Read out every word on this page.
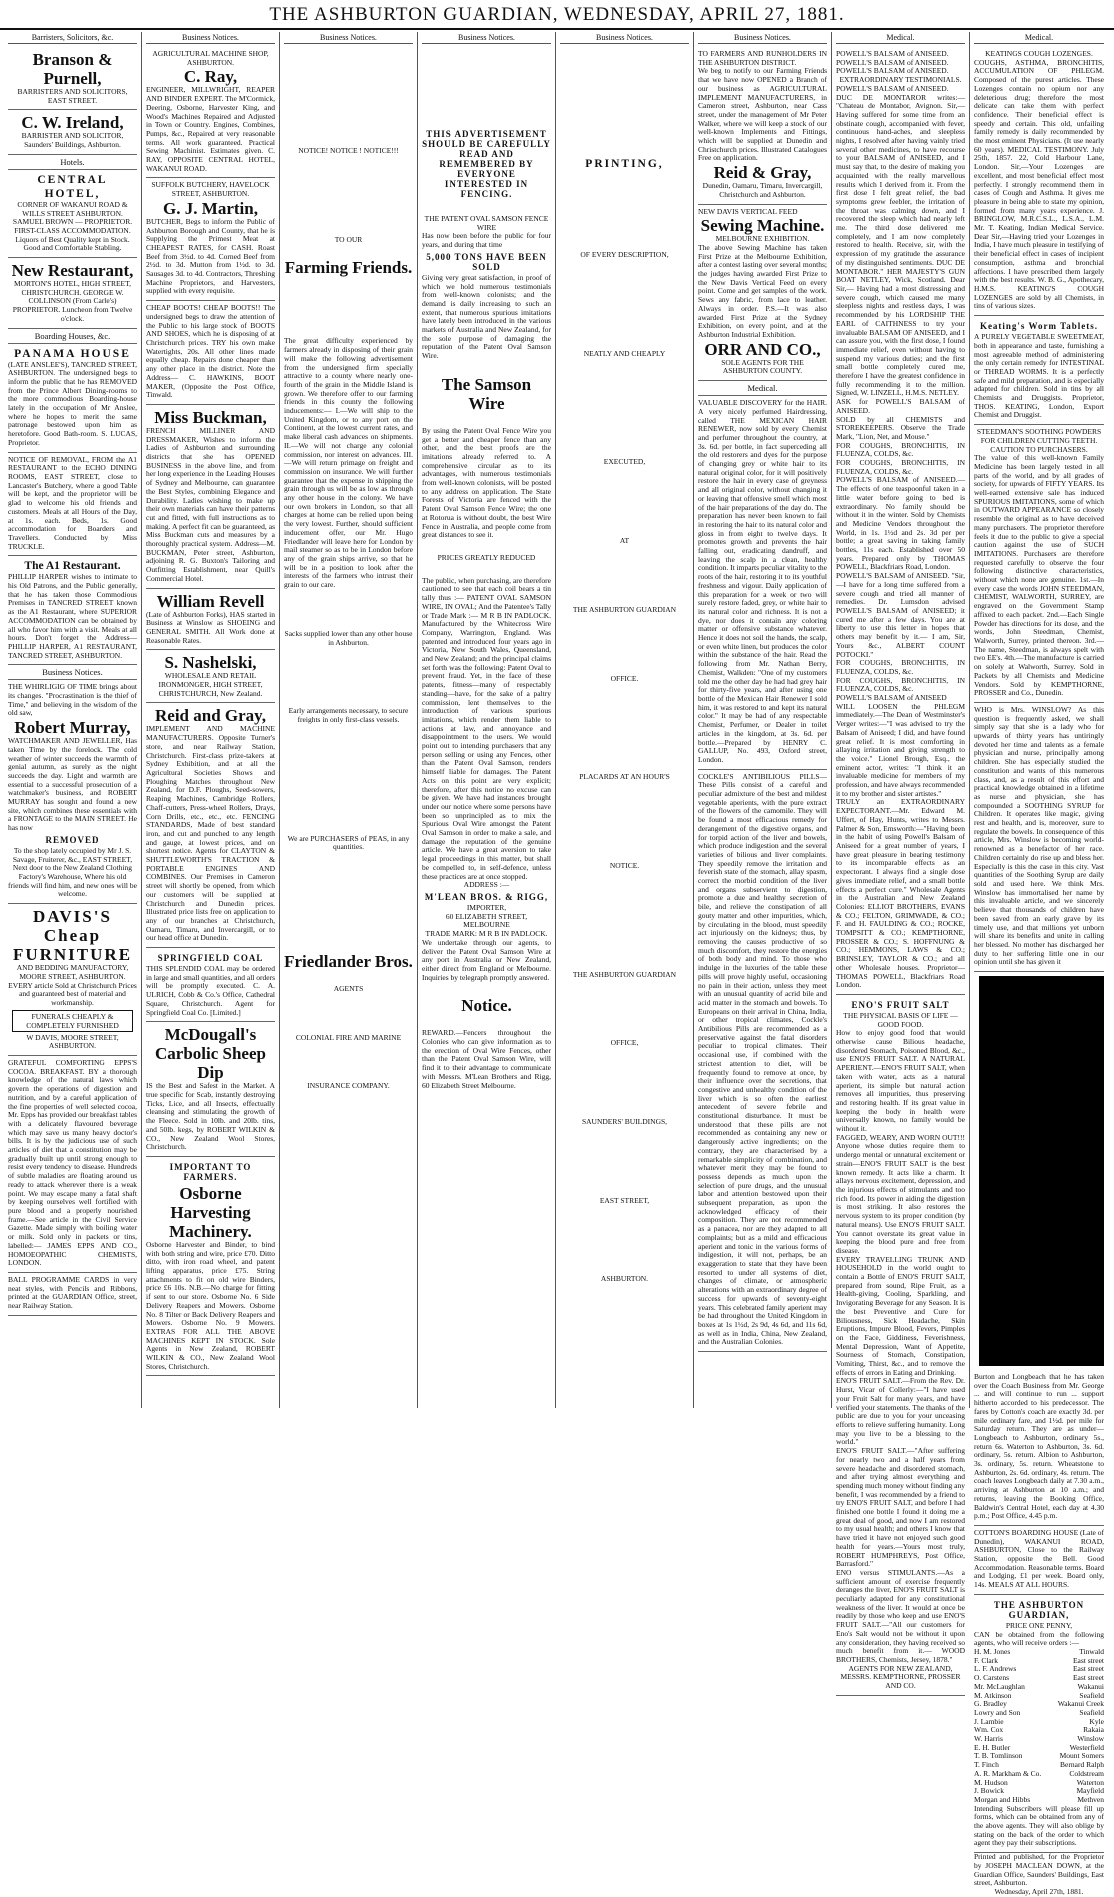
THE ASHBURTON GUARDIAN, WEDNESDAY, APRIL 27, 1881.
Barristers, Solicitors, &c.
Branson & Purnell,
BARRISTERS AND SOLICITORS, EAST STREET.
C. W. Ireland,
BARRISTER AND SOLICITOR, Saunders' Buildings, Ashburton.
Hotels.
CENTRAL HOTEL,
CORNER OF WAKANUI ROAD & WILLS STREET ASHBURTON. SAMUEL BROWN — PROPRIETOR. FIRST-CLASS ACCOMMODATION. Liquors of Best Quality kept in Stock. Good and Comfortable Stabling.
New Restaurant,
MORTON'S HOTEL, HIGH STREET, CHRISTCHURCH. GEORGE W. COLLINSON (From Carle's) PROPRIETOR. Luncheon from Twelve o'clock.
Boarding Houses, &c.
PANAMA HOUSE
(LATE ANSLEE'S), TANCRED STREET, ASHBURTON. The undersigned begs to inform the public that he has REMOVED from the Prince Albert Dining-rooms to the more commodious Boarding-house lately in the occupation of Mr Anslee, where he hopes to merit the same patronage bestowed upon him as heretofore. Good Bath-room. S. LUCAS, Proprietor.
NOTICE OF REMOVAL, FROM the A1 RESTAURANT to the ECHO DINING ROOMS, EAST STREET, close to Lancaster's Butchery, where a good Table will be kept, and the proprietor will be glad to welcome his old friends and customers. Meals at all Hours of the Day, at 1s. each. Beds, 1s. Good accommodation for Boarders and Travellers. Conducted by Miss TRUCKLE.
The A1 Restaurant.
PHILLIP HARPER wishes to intimate to his Old Patrons, and the Public generally, that he has taken those Commodious Premises in TANCRED STREET known as the A1 Restaurant, where SUPERIOR ACCOMMODATION can be obtained by all who favor him with a visit. Meals at all hours. Don't forget the Address— PHILLIP HARPER, A1 RESTAURANT, TANCRED STREET, ASHBURTON.
Business Notices.
THE WHIRLIGIG OF TIME brings about its changes. "Procrastination is the thief of Time," and believing in the wisdom of the old saw,
Robert Murray,
WATCHMAKER AND JEWELLER, Has taken Time by the forelock. The cold weather of winter succeeds the warmth of genial autumn, as surely as the night succeeds the day. Light and warmth are essential to a successful prosecution of a watchmaker's business, and ROBERT MURRAY has sought and found a new site, which combines these essentials with a FRONTAGE to the MAIN STREET. He has now
REMOVED
To the shop lately occupied by Mr J. S. Savage, Fruiterer, &c., EAST STREET, Next door to the New Zealand Clothing Factory's Warehouse, Where his old friends will find him, and new ones will be welcome.
DAVIS'S Cheap FURNITURE
AND BEDDING MANUFACTORY, MOORE STREET, ASHBURTON. EVERY article Sold at Christchurch Prices and guaranteed best of material and workmanship.
FUNERALS CHEAPLY & COMPLETELY FURNISHED
W DAVIS, MOORE STREET, ASHBURTON.
GRATEFUL COMFORTING EPPS'S COCOA. BREAKFAST. BY a thorough knowledge of the natural laws which govern the operations of digestion and nutrition, and by a careful application of the fine properties of well selected cocoa, Mr. Epps has provided our breakfast tables with a delicately flavoured beverage which may save us many heavy doctor's bills. It is by the judicious use of such articles of diet that a constitution may be gradually built up until strong enough to resist every tendency to disease. Hundreds of subtle maladies are floating around us ready to attack wherever there is a weak point. We may escape many a fatal shaft by keeping ourselves well fortified with pure blood and a properly nourished frame.—See article in the Civil Service Gazette. Made simply with boiling water or milk. Sold only in packets or tins, labelled:— JAMES EPPS AND CO., HOMOEOPATHIC CHEMISTS, LONDON.
BALL PROGRAMME CARDS in very neat styles, with Pencils and Ribbons, printed at the GUARDIAN Office, street, near Railway Station.
Business Notices.
AGRICULTURAL MACHINE SHOP, ASHBURTON.
C. Ray,
ENGINEER, MILLWRIGHT, REAPER AND BINDER EXPERT. The M'Cormick, Deering, Osborne, Harvester King, and Wood's Machines Repaired and Adjusted in Town or Country. Engines, Combines, Pumps, &c., Repaired at very reasonable terms. All work guaranteed. Practical Sewing Machinist. Estimates given. C. RAY, OPPOSITE CENTRAL HOTEL, WAKANUI ROAD.
SUFFOLK BUTCHERY, HAVELOCK STREET, ASHBURTON.
G. J. Martin,
BUTCHER, Begs to inform the Public of Ashburton Borough and County, that he is Supplying the Primest Meat at CHEAPEST RATES, for CASH. Roast Beef from 3½d. to 4d. Corned Beef from 2½d. to 3d. Mutton from 1½d. to 3d. Sausages 3d. to 4d. Contractors, Threshing Machine Proprietors, and Harvesters, supplied with every requisite.
CHEAP BOOTS! CHEAP BOOTS!! The undersigned begs to draw the attention of the Public to his large stock of BOOTS AND SHOES, which he is disposing of at Christchurch prices. TRY his own make Watertights, 20s. All other lines made equally cheap. Repairs done cheaper than any other place in the district. Note the Address— C. HAWKINS, BOOT MAKER, (Opposite the Post Office, Tinwald.
Miss Buckman,
FRENCH MILLINER AND DRESSMAKER, Wishes to inform the Ladies of Ashburton and surrounding districts that she has OPENED BUSINESS in the above line, and from her long experience in the Leading Houses of Sydney and Melbourne, can guarantee the Best Styles, combining Elegance and Durability. Ladies wishing to make up their own materials can have their patterns cut and fitted, with full instructions as to making. A perfect fit can be guaranteed, as Miss Buckman cuts and measures by a thoroughly practical system. Address—M. BUCKMAN, Peter street, Ashburton, adjoining R. G. Buxton's Tailoring and Outfitting Establishment, near Quill's Commercial Hotel.
William Revell
(Late of Ashburton Forks), HAS started in Business at Winslow as SHOEING and GENERAL SMITH. All Work done at Reasonable Rates.
S. Nashelski,
WHOLESALE AND RETAIL IRONMONGER, HIGH STREET, CHRISTCHURCH, New Zealand.
Reid and Gray,
IMPLEMENT AND MACHINE MANUFACTURERS. Opposite Turner's store, and near Railway Station, Christchurch. First-class prize-takers at Sydney Exhibition, and at all the Agricultural Societies Shows and Ploughing Matches throughout New Zealand, for D.F. Ploughs, Seed-sowers, Reaping Machines, Cambridge Rollers, Chaff-cutters, Press-wheel Rollers, Drays, Corn Drills, etc., etc., etc. FENCING STANDARDS, Made of best standard iron, and cut and punched to any length and gauge, at lowest prices, and on shortest notice. Agents for CLAYTON & SHUTTLEWORTH'S TRACTION & PORTABLE ENGINES AND COMBINES. Our Premises in Cameron street will shortly be opened, from which our customers will be supplied at Christchurch and Dunedin prices. Illustrated price lists free on application to any of our branches at Christchurch, Oamaru, Timaru, and Invercargill, or to our head office at Dunedin.
SPRINGFIELD COAL
THIS SPLENDID COAL may be ordered in large and small quantities, and all orders will be promptly executed. C. A. ULRICH, Cobb & Co.'s Office, Cathedral Square, Christchurch. Agent for Springfield Coal Co. [Limited.]
McDougall's Carbolic Sheep Dip
IS the Best and Safest in the Market. A true specific for Scab, instantly destroying Ticks, Lice, and all Insects, effectually cleansing and stimulating the growth of the Fleece. Sold in 10lb. and 20lb. tins, and 50lb. kegs, by ROBERT WILKIN & CO., New Zealand Wool Stores, Christchurch.
IMPORTANT TO FARMERS.
Osborne Harvesting Machinery.
Osborne Harvester and Binder, to bind with both string and wire, price £70. Ditto ditto, with iron road wheel, and patent lifting apparatus, price £75. String attachments to fit on old wire Binders, price £6 10s. N.B.—No charge for fitting if sent to our store. Osborne No. 6 Side Delivery Reapers and Mowers. Osborne No. 8 Tilter or Back Delivery Reapers and Mowers. Osborne No. 9 Mowers. EXTRAS FOR ALL THE ABOVE MACHINES KEPT IN STOCK. Sole Agents in New Zealand, ROBERT WILKIN & CO., New Zealand Wool Stores, Christchurch.
Business Notices.
NOTICE! NOTICE ! NOTICE!!!
TO OUR
Farming Friends.
The great difficulty experienced by farmers already in disposing of their grain will make the following advertisement from the undersigned firm specially attractive to a county where nearly one-fourth of the grain in the Middle Island is grown. We therefore offer to our farming friends in this county the following inducements:— I.—We will ship to the United Kingdom, or to any port on the Continent, at the lowest current rates, and make liberal cash advances on shipments. II.—We will not charge any colonial commission, nor interest on advances. III.—We will return primage on freight and commission on insurance. We will further guarantee that the expense in shipping the grain through us will be as low as through any other house in the colony. We have our own brokers in London, so that all charges at home can be relied upon being the very lowest. Further, should sufficient inducement offer, our Mr. Hugo Friedlander will leave here for London by mail steamer so as to be in London before any of the grain ships arrive, so that he will be in a position to look after the interests of the farmers who intrust their grain to our care.
Sacks supplied lower than any other house in Ashburton.
Early arrangements necessary, to secure freights in only first-class vessels.
We are PURCHASERS of PEAS, in any quantities.
Friedlander Bros.
AGENTS
COLONIAL FIRE AND MARINE
INSURANCE COMPANY.
Business Notices.
THIS ADVERTISEMENT SHOULD BE CAREFULLY READ AND REMEMBERED BY EVERYONE INTERESTED IN FENCING.
THE PATENT OVAL SAMSON FENCE WIRE
Has now been before the public for four years, and during that time
5,000 TONS HAVE BEEN SOLD
Giving very great satisfaction, in proof of which we hold numerous testimonials from well-known colonists; and the demand is daily increasing to such an extent, that numerous spurious imitations have lately been introduced in the various markets of Australia and New Zealand, for the sole purpose of damaging the reputation of the Patent Oval Samson Wire.
The Samson Wire
By using the Patent Oval Fence Wire you get a better and cheaper fence than any other, and the best proofs are the imitations already referred to. A comprehensive circular as to its advantages, with numerous testimonials from well-known colonists, will be posted to any address on application. The State Forests of Victoria are fenced with the Patent Oval Samson Fence Wire; the one at Rotorua is without doubt, the best Wire Fence in Australia, and people come from great distances to see it.
PRICES GREATLY REDUCED
The public, when purchasing, are therefore cautioned to see that each coil bears a tin tally thus :— PATENT OVAL SAMSON WIRE, IN OVAL; And the Patentee's Tally or Trade Mark :— M R B IN PADLOCK. Manufactured by the Whitecross Wire Company, Warrington, England. Was patented and introduced four years ago in Victoria, New South Wales, Queensland, and New Zealand; and the principal claims set forth was the following: Patent Oval to prevent fraud. Yet, in the face of these patents, fitness—many of respectably standing—have, for the sake of a paltry commission, lent themselves to the introduction of various spurious imitations, which render them liable to actions at law, and annoyance and disappointment to the users. We would point out to intending purchasers that any person selling or using any Fences, other than the Patent Oval Samson, renders himself liable for damages. The Patent Acts on this point are very explicit; therefore, after this notice no excuse can be given. We have had instances brought under our notice where some persons have been so unprincipled as to mix the Spurious Oval Wire amongst the Patent Oval Samson in order to make a sale, and damage the reputation of the genuine article. We have a great aversion to take legal proceedings in this matter, but shall be compelled to, in self-defence, unless these practices are at once stopped.
ADDRESS :—
M'LEAN BROS. & RIGG,
IMPORTER,
60 ELIZABETH STREET, MELBOURNE
TRADE MARK: M R B IN PADLOCK.
We undertake through our agents, to deliver the Patent Oval Samson Wire at any port in Australia or New Zealand, either direct from England or Melbourne. Inquiries by telegraph promptly answered.
Notice.
REWARD.—Fencers throughout the Colonies who can give information as to the erection of Oval Wire Fences, other than the Patent Oval Samson Wire, will find it to their advantage to communicate with Messrs. M'Lean Brothers and Rigg, 60 Elizabeth Street Melbourne.
Business Notices.
PRINTING,
OF EVERY DESCRIPTION,
NEATLY AND CHEAPLY
EXECUTED,
AT
THE ASHBURTON GUARDIAN
OFFICE.
PLACARDS AT AN HOUR'S
NOTICE.
THE ASHBURTON GUARDIAN
OFFICE,
SAUNDERS' BUILDINGS,
EAST STREET,
ASHBURTON.
Business Notices.
TO FARMERS AND RUNHOLDERS IN THE ASHBURTON DISTRICT.
We beg to notify to our Farming Friends that we have now OPENED a Branch of our business as AGRICULTURAL IMPLEMENT MANUFACTURERS, in Cameron street, Ashburton, near Cass street, under the management of Mr Peter Walker, where we will keep a stock of our well-known Implements and Fittings, which will be supplied at Dunedin and Christchurch prices. Illustrated Catalogues Free on application.
Reid & Gray,
Dunedin, Oamaru, Timaru, Invercargill, Christchurch and Ashburton.
NEW DAVIS VERTICAL FEED
Sewing Machine.
MELBOURNE EXHIBITION.
The above Sewing Machine has taken First Prize at the Melbourne Exhibition, after a contest lasting over several months; the judges having awarded First Prize to the New Davis Vertical Feed on every point. Come and get samples of the work. Sews any fabric, from lace to leather. Always in order. P.S.—It was also awarded First Prize at the Sydney Exhibition, on every point, and at the Ashburton Industrial Exhibition.
ORR AND CO.,
SOLE AGENTS FOR THE ASHBURTON COUNTY.
Medical.
VALUABLE DISCOVERY for the HAIR. A very nicely perfumed Hairdressing, called THE MEXICAN HAIR RENEWER, now sold by every Chemist and perfumer throughout the country, at 3s. 6d. per bottle, in fact superceding all the old restorers and dyes for the purpose of changing grey or white hair to its natural original color, for it will positively restore the hair in every case of greyness and all original color, without changing it or leaving that offensive smell which most of the hair preparations of the day do. The preparation has never been known to fail in restoring the hair to its natural color and gloss in from eight to twelve days. It promotes growth and prevents the hair falling out, eradicating dandruff, and leaving the scalp in a clean, healthy condition. It imparts peculiar vitality to the roots of the hair, restoring it to its youthful freshness and vigour. Daily application of this preparation for a week or two will surely restore faded, grey, or white hair to its natural color and richness. It is not a dye, nor does it contain any coloring matter or offensive substance whatever. Hence it does not soil the hands, the scalp, or even white linen, but produces the color within the substance of the hair. Read the following from Mr. Nathan Berry, Chemist, Walkden: "One of my customers told me the other day he had had grey hair for thirty-five years, and after using one bottle of the Mexican Hair Renewer I sold him, it was restored to and kept its natural color." It may be had of any respectable Chemist, Perfumer, or Dealer in toilet articles in the kingdom, at 3s. 6d. per bottle.—Prepared by HENRY C. GALLUP, No. 493, Oxford street, London.
COCKLE'S ANTIBILIOUS PILLS— These Pills consist of a careful and peculiar admixture of the best and mildest vegetable aperients, with the pure extract of the flowers of the camomile. They will be found a most efficacious remedy for derangement of the digestive organs, and for torpid action of the liver and bowels, which produce indigestion and the several varieties of bilious and liver complaints. They speedily remove the irritation and feverish state of the stomach, allay spasm, correct the morbid condition of the liver and organs subservient to digestion, promote a due and healthy secretion of bile, and relieve the constipation of all gouty matter and other impurities, which, by circulating in the blood, must speedily act injuriously on the kidneys; thus, by removing the causes productive of so much discomfort, they restore the energies of both body and mind. To those who indulge in the luxuries of the table these pills will prove highly useful, occasioning no pain in their action, unless they meet with an unusual quantity of acrid bile and acid matter in the stomach and bowels. To Europeans on their arrival in China, India, or other tropical climates, Cockle's Antibilious Pills are recommended as a preservative against the fatal disorders peculiar to tropical climates. Their occasional use, if combined with the strictest attention to diet, will be frequently found to remove at once, by their influence over the secretions, that congestive and unhealthy condition of the liver which is so often the earliest antecedent of severe febrile and constitutional disturbance. It must be understood that these pills are not recommended as containing any new or dangerously active ingredients; on the contrary, they are characterised by a remarkable simplicity of combination, and whatever merit they may be found to possess depends as much upon the selection of pure drugs, and the unusual labor and attention bestowed upon their subsequent preparation, as upon the acknowledged efficacy of their composition. They are not recommended as a panacea, nor are they adapted to all complaints; but as a mild and efficacious aperient and tonic in the various forms of indigestion, it will not, perhaps, be an exaggeration to state that they have been resorted to under all systems of diet, changes of climate, or atmospheric alterations with an extraordinary degree of success for upwards of seventy-eight years. This celebrated family aperient may be had throughout the United Kingdom in boxes at 1s 1½d, 2s 9d, 4s 6d, and 11s 6d, as well as in India, China, New Zealand, and the Australian Colonies.
Medical.
POWELL'S BALSAM of ANISEED.
POWELL'S BALSAM of ANISEED.
POWELL'S BALSAM of ANISEED.
EXTRAORDINARY TESTIMONIALS.
POWELL'S BALSAM of ANISEED.
DUC DE MONTAROR writes:— "Chateau de Montabor, Avignon. Sir,—Having suffered for some time from an obstinate cough, accompanied with fever, continuous hand-aches, and sleepless nights, I resolved after having vainly tried several other medicines, to have recourse to your BALSAM of ANISEED, and I must say that, to the desire of making you acquainted with the really marvellous results which I derived from it. From the first dose I felt great relief, the bad symptoms grew feebler, the irritation of the throat was calming down, and I recovered the sleep which had nearly left me. The third dose delivered me completely, and I am now completely restored to health. Receive, sir, with the expression of my gratitude the assurance of my distinguished sentiments. DUC DE MONTABOR." HER MAJESTY'S GUN BOAT NETLEY, Wick, Scotland. Dear Sir,— Having had a most distressing and severe cough, which caused me many sleepless nights and restless days, I was recommended by his LORDSHIP THE EARL of CAITHNESS to try your invaluable BALSAM OF ANISEED, and I can assure you, with the first dose, I found immediate relief, even without having to suspend my various duties; and the first small bottle completely cured me, therefore I have the greatest confidence in fully recommending it to the million. Signed, W. LINZELL, H.M.S. NETLEY.
ASK for POWELL'S BALSAM of ANISEED.
SOLD by all CHEMISTS and STOREKEEPERS. Observe the Trade Mark, "Lion, Net, and Mouse."
FOR COUGHS, BRONCHITIS, IN FLUENZA, COLDS, &c.
FOR COUGHS, BRONCHITIS, IN FLUENZA, COLDS, &c.
POWELL'S BALSAM of ANISEED.— The effects of one teaspoonful taken in a little water before going to bed is extraordinary. No family should be without it in the winter. Sold by Chemists and Medicine Vendors throughout the World, in 1s. 1½d and 2s. 3d per per bottle; a great saving in taking family bottles, 11s each. Established over 50 years. Prepared only by THOMAS POWELL, Blackfriars Road, London.
POWELL'S BALSAM of ANISEED. "Sir,—I have for a long time suffered from a severe cough and tried all manner of remedies. Dr. Lumsdon advised POWELL'S BALSAM of ANISEED; it cured me after a few days. You are at liberty to use this letter in hopes that others may benefit by it.— I am, Sir, Yours &c., ALBERT COUNT POTOCKI."
FOR COUGHS, BRONCHITIS, IN FLUENZA, COLDS, &c.
FOR COUGHS, BRONCHITIS, IN FLUENZA, COLDS, &c.
POWELL'S BALSAM of ANISEED
WILL LOOSEN the PHLEGM immediately.—The Dean of Westminster's Verger writes:—"I was advised to try the Balsam of Aniseed; I did, and have found great relief. It is most comforting in allaying irritation and giving strength to the voice." Lionel Brough, Esq., the eminent actor, writes: "I think it an invaluable medicine for members of my profession, and have always recommended it to my brother and sister artistes."
TRULY an EXTRAORDINARY EXPECTORANT.—Mr. Edward M. Uffert, of Hay, Hunts, writes to Messrs. Palmer & Son, Emsworth:—"Having been in the habit of using Powell's Balsam of Aniseed for a great number of years, I have great pleasure in bearing testimony to its incomparable effects as an expectorant. I always find a single dose gives immediate relief, and a small bottle effects a perfect cure." Wholesale Agents in the Australian and New Zealand Colonies: ELLIOT BROTHERS, EVANS & CO.; FELTON, GRIMWADE, & CO.; F. and H. FAULDING & CO.; ROCKE, TOMPSITT & CO.; KEMPTHORNE, PROSSER & CO.; S. HOFFNUNG & CO.; HEMMONS, LAWS & CO.; BRINSLEY, TAYLOR & CO.; and all other Wholesale houses. Proprietor—THOMAS POWELL, Blackfriars Road London.
ENO'S FRUIT SALT
THE PHYSICAL BASIS OF LIFE — GOOD FOOD.
How to enjoy good food that would otherwise cause Bilious headache, disordered Stomach, Poisoned Blood, &c., use ENO'S FRUIT SALT. A NATURAL APERIENT.—ENO'S FRUIT SALT, when taken with water, acts as a natural aperient, its simple but natural action removes all impurities, thus preserving and restoring health. If its great value in keeping the body in health were universally known, no family would be without it.
FAGGED, WEARY, AND WORN OUT!!! Anyone whose duties require them to undergo mental or unnatural excitement or strain—ENO'S FRUIT SALT is the best known remedy. It acts like a charm. It allays nervous excitement, depression, and the injurious effects of stimulants and too rich food. Its power in aiding the digestion is most striking. It also restores the nervous system to its proper condition (by natural means). Use ENO'S FRUIT SALT. You cannot overstate its great value in keeping the blood pure and free from disease.
EVERY TRAVELLING TRUNK AND HOUSEHOLD in the world ought to contain a Bottle of ENO'S FRUIT SALT, prepared from sound, Ripe Fruit, as a Health-giving, Cooling, Sparkling, and Invigorating Beverage for any Season. It is the best Preventive and Cure for Biliousness, Sick Headache, Skin Eruptions, Impure Blood, Fevers, Pimples on the Face, Giddiness, Feverishness, Mental Depression, Want of Appetite, Sourness of Stomach, Constipation, Vomiting, Thirst, &c., and to remove the effects of errors in Eating and Drinking.
ENO'S FRUIT SALT.—From the Rev. Dr. Hurst, Vicar of Collerly:—"I have used your Fruit Salt for many years, and have verified your statements. The thanks of the public are due to you for your unceasing efforts to relieve suffering humanity. Long may you live to be a blessing to the world."
ENO'S FRUIT SALT.—"After suffering for nearly two and a half years from severe headache and disordered stomach, and after trying almost everything and spending much money without finding any benefit, I was recommended by a friend to try ENO'S FRUIT SALT, and before I had finished one bottle I found it doing me a great deal of good, and now I am restored to my usual health; and others I know that have tried it have not enjoyed such good health for years.—Yours most truly, ROBERT HUMPHREYS, Post Office, Barrasford."
ENO versus STIMULANTS.—As a sufficient amount of exercise frequently deranges the liver, ENO'S FRUIT SALT is peculiarly adapted for any constitutional weakness of the liver. It would at once be readily by those who keep and use ENO'S FRUIT SALT.—"All our customers for Eno's Salt would not be without it upon any consideration, they having received so much benefit from it.— WOOD BROTHERS, Chemists, Jersey, 1878."
AGENTS FOR NEW ZEALAND, MESSRS. KEMPTHORNE, PROSSER AND CO.
Medical.
KEATINGS COUGH LOZENGES.
COUGHS, ASTHMA, BRONCHITIS, ACCUMULATION OF PHLEGM. Composed of the purest articles. These Lozenges contain no opium nor any deleterious drug; therefore the most delicate can take them with perfect confidence. Their beneficial effect is speedy and certain. This old, unfailing family remedy is daily recommended by the most eminent Physicians. (It use nearly 60 years). MEDICAL TESTIMONY. July 25th, 1857. 22, Cold Harbour Lane, London. Sir,—Your Lozenges are excellent, and most beneficial effect most perfectly. I strongly recommend them in cases of Cough and Asthma. It gives me pleasure in being able to state my opinion, formed from many years experience. J. BRINGLOW, M.R.C.S.L., L.S.A., L.M. Mr. T. Keating, Indian Medical Service. Dear Sir,—Having tried your Lozenges in India, I have much pleasure in testifying of their beneficial effect in cases of incipient consumption, asthma and bronchial affections. I have prescribed them largely with the best results. W. B. G., Apothecary, H.M.S. KEATING'S COUGH LOZENGES are sold by all Chemists, in tins of various sizes.
Keating's Worm Tablets.
A PURELY VEGETABLE SWEETMEAT, both in appearance and taste, furnishing a most agreeable method of administering the only certain remedy for INTESTINAL or THREAD WORMS. It is a perfectly safe and mild preparation, and is especially adapted for children. Sold in tins by all Chemists and Druggists. Proprietor, THOS. KEATING, London, Export Chemist and Druggist.
STEEDMAN'S SOOTHING POWDERS FOR CHILDREN CUTTING TEETH.
CAUTION TO PURCHASERS.
The value of this well-known Family Medicine has been largely tested in all parts of the world, and by all grades of society, for upwards of FIFTY YEARS. Its well-earned extensive sale has induced SPURIOUS IMITATIONS, some of which in OUTWARD APPEARANCE so closely resemble the original as to have deceived many purchasers. The proprietor therefore feels it due to the public to give a special caution against the use of SUCH IMITATIONS. Purchasers are therefore requested carefully to observe the four following distinctive characteristics, without which none are genuine. 1st.—In every case the words JOHN STEEDMAN, CHEMIST, WALWORTH, SURREY, are engraved on the Government Stamp affixed to each packet. 2nd.—Each Single Powder has directions for its dose, and the words, John Steedman, Chemist, Walworth, Surrey, printed thereon. 3rd.—The name, Steedman, is always spelt with two EE's. 4th.—The manufacture is carried on solely at Walworth, Surrey. Sold in Packets by all Chemists and Medicine Vendors. Sold by KEMPTHORNE, PROSSER and Co., Dunedin.
WHO is Mrs. WINSLOW? As this question is frequently asked, we shall simply say that she is a lady who for upwards of thirty years has untiringly devoted her time and talents as a female physician and nurse, principally among children. She has especially studied the constitution and wants of this numerous class, and, as a result of this effort and practical knowledge obtained in a lifetime as nurse and physician, she has compounded a SOOTHING SYRUP for Children. It operates like magic, giving rest and health, and is, moreover, sure to regulate the bowels. In consequence of this article, Mrs. Winslow is becoming world-renowned as a benefactor of her race. Children certainly do rise up and bless her. Especially is this the case in this city. Vast quantities of the Soothing Syrup are daily sold and used here. We think Mrs. Winslow has immortalised her name by this invaluable article, and we sincerely believe that thousands of children have been saved from an early grave by its timely use, and that millions yet unborn will share its benefits and unite in calling her blessed. No mother has discharged her duty to her suffering little one in our opinion until she has given it
Burton and Longbeach that he has taken over the Coach Business from Mr. George ... and will continue to run ... support hitherto accorded to his predecessor. The fares by Cotton's coach are exactly 3d. per mile ordinary fare, and 1½d. per mile for Saturday return. They are as under— Longbeach to Ashburton, ordinary 5s., return 6s. Waterton to Ashburton, 3s. 6d. ordinary, 5s. return. Albion to Ashburton, 3s. ordinary, 5s. return. Wheatstone to Ashburton, 2s. 6d. ordinary, 4s. return. The coach leaves Longbeach daily at 7.30 a.m., arriving at Ashburton at 10 a.m.; and returns, leaving the Booking Office, Baldwin's Central Hotel, each day at 4.30 p.m.; Post Office, 4.45 p.m.
COTTON'S BOARDING HOUSE (Late of Dunedin), WAKANUI ROAD, ASHBURTON, Close to the Railway Station, opposite the Bell. Good Accommodation. Reasonable terms. Board and Lodging, £1 per week. Board only, 14s. MEALS AT ALL HOURS.
THE ASHBURTON GUARDIAN,
PRICE ONE PENNY,
CAN be obtained from the following agents, who will receive orders :—
H. M. Jones	Tinwald
F. Clark	East street
L. F. Andrews	East street
O. Carstens	East street
Mr. McLaughlan	Wakanui
M. Atkinson	Seafield
G. Bradley	Wakanui Creek
Lowry and Son	Seafield
J. Lambie	Kyle
Wm. Cox	Rakaia
W. Harris	Winslow
E. H. Butler	Westerfield
T. B. Tomlinson	Mount Somers
T. Finch	Bernard Ralph
A. R. Markham & Co.	Coldstream
M. Hudson	Waterton
J. Bowick	Mayfield
Morgan and Hibbs	Methven
Intending Subscribers will please fill up forms, which can be obtained from any of the above agents. They will also oblige by stating on the back of the order to which agent they pay their subscriptions.
Printed and published, for the Proprietor by JOSEPH MACLEAN DOWN, at the Guardian Office, Saunders' Buildings, East street, Ashburton.
Wednesday, April 27th, 1881.
